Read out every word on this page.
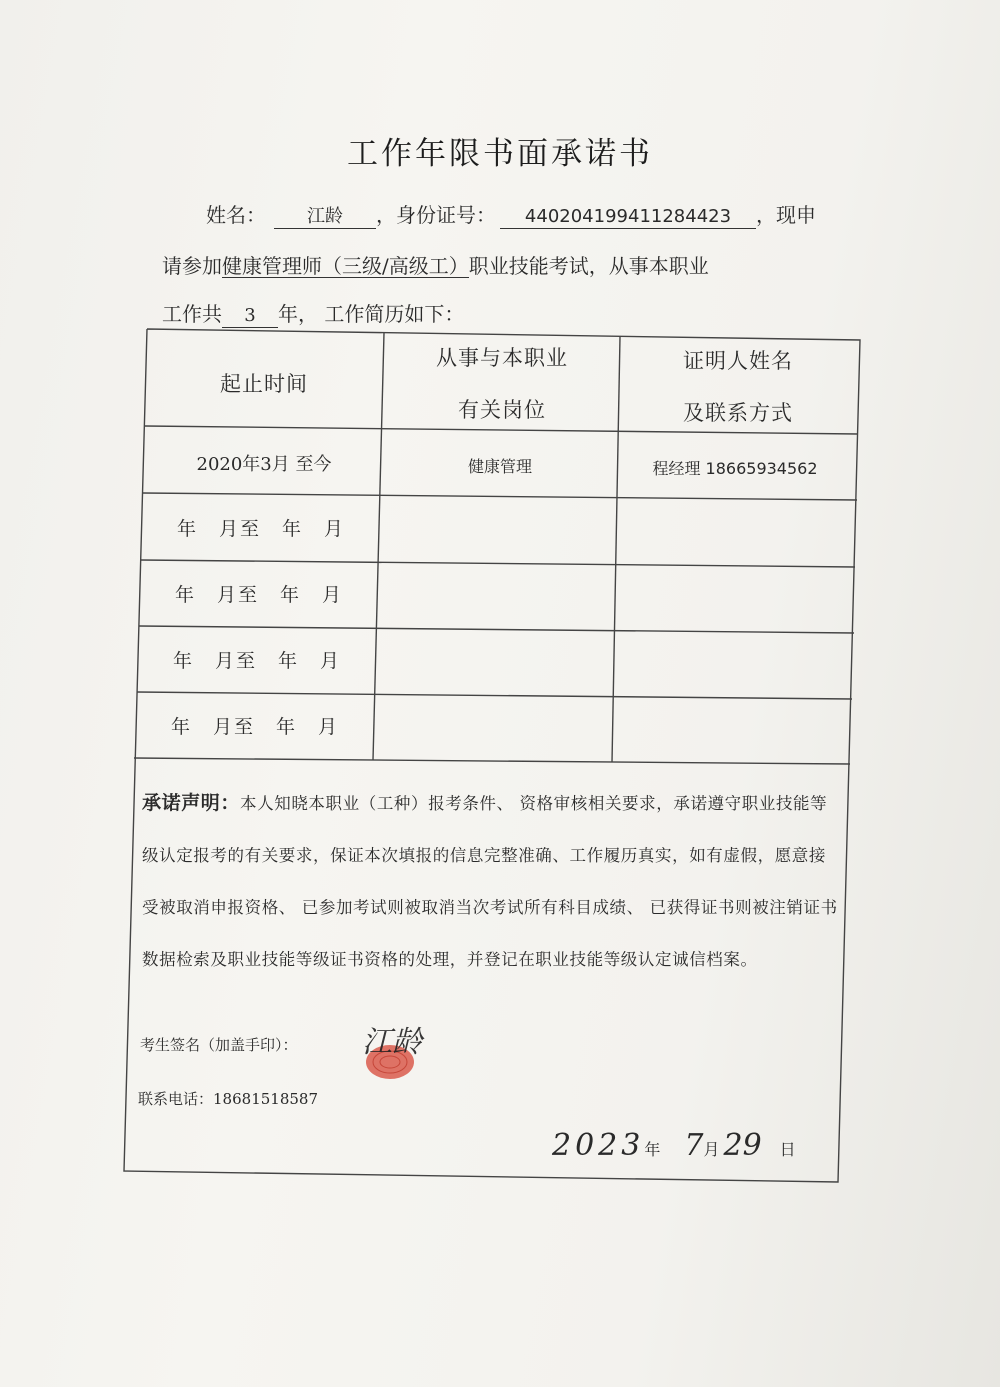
工作年限书面承诺书
姓名： 江龄 ，身份证号： 440204199411284423 ，现申
请参加健康管理师（三级/高级工）职业技能考试，从事本职业
工作共 3 年， 工作简历如下：
起止时间
从事与本职业
有关岗位
证明人姓名
及联系方式
2020年3月 至今	健康管理	程经理 18665934562
年　月至　年　月
年　月至　年　月
年　月至　年　月
年　月至　年　月
承诺声明：本人知晓本职业（工种）报考条件、 资格审核相关要求，承诺遵守职业技能等级认定报考的有关要求，保证本次填报的信息完整准确、工作履历真实，如有虚假，愿意接受被取消申报资格、 已参加考试则被取消当次考试所有科目成绩、 已获得证书则被注销证书数据检索及职业技能等级证书资格的处理，并登记在职业技能等级认定诚信档案。
考生签名（加盖手印）： 江龄
联系电话：18681518587
2023年 7月 29 日
